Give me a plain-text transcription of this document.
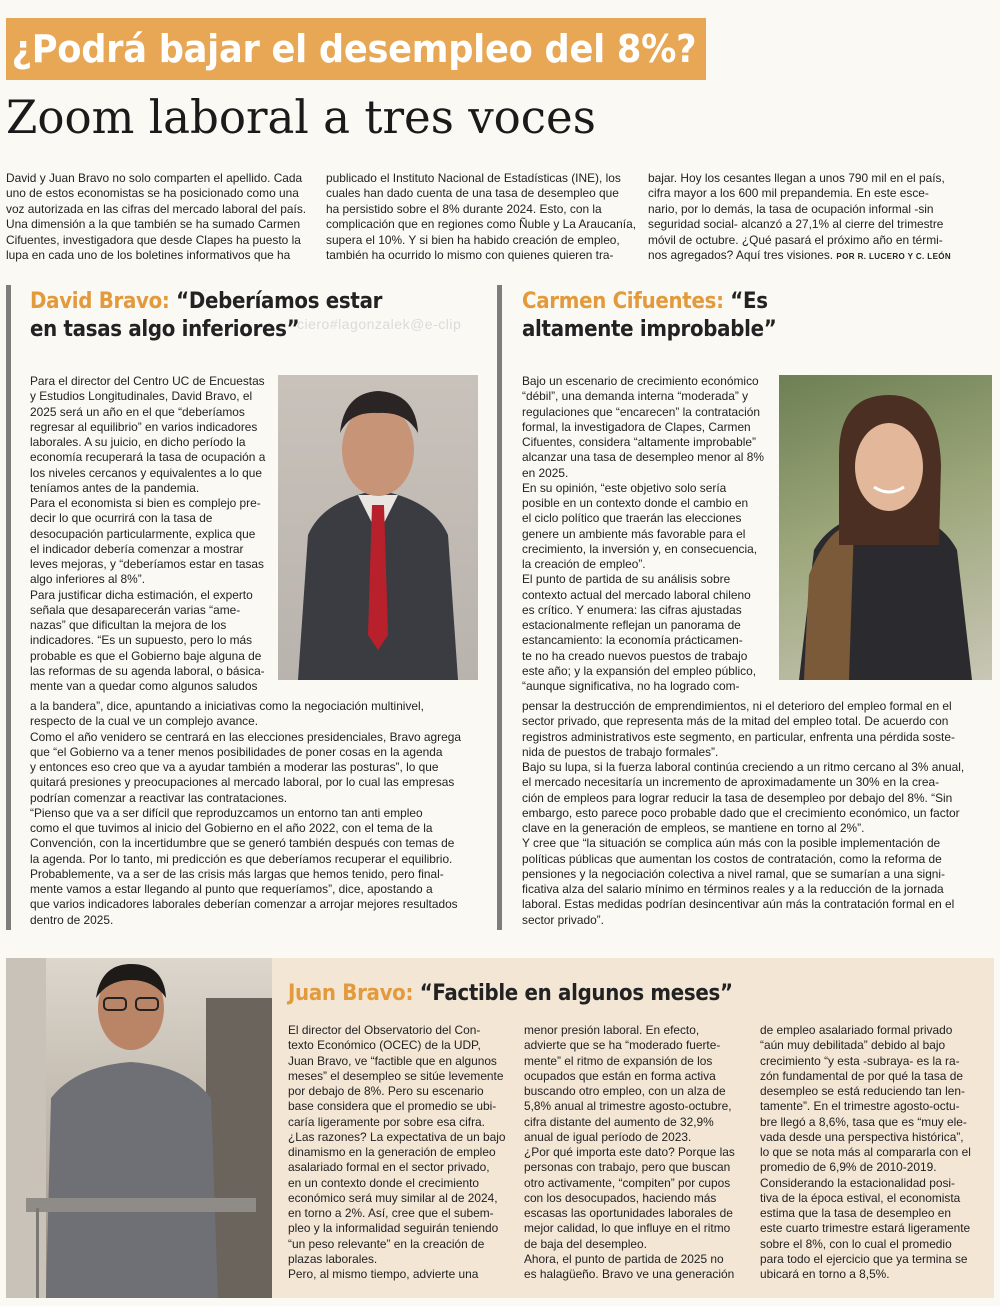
¿Podrá bajar el desempleo del 8%?
Zoom laboral a tres voces

David y Juan Bravo no solo comparten el apellido. Cada
uno de estos economistas se ha posicionado como una
voz autorizada en las cifras del mercado laboral del país.
Una dimensión a la que también se ha sumado Carmen
Cifuentes, investigadora que desde Clapes ha puesto la
lupa en cada uno de los boletines informativos que ha

publicado el Instituto Nacional de Estadísticas (INE), los
cuales han dado cuenta de una tasa de desempleo que
ha persistido sobre el 8% durante 2024. Esto, con la
complicación que en regiones como Ñuble y La Araucanía,
supera el 10%. Y si bien ha habido creación de empleo,
también ha ocurrido lo mismo con quienes quieren tra-

bajar. Hoy los cesantes llegan a unos 790 mil en el país,
cifra mayor a los 600 mil prepandemia. En este esce-
nario, por lo demás, la tasa de ocupación informal -sin
seguridad social- alcanzó a 27,1% al cierre del trimestre
móvil de octubre. ¿Qué pasará el próximo año en térmi-
nos agregados? Aquí tres visiones. POR R. LUCERO Y C. LEÓN

ciero#lagonzalek@e-clip
David Bravo: “Deberíamos estar
en tasas algo inferiores”
Para el director del Centro UC de Encuestas
y Estudios Longitudinales, David Bravo, el
2025 será un año en el que “deberíamos
regresar al equilibrio” en varios indicadores
laborales. A su juicio, en dicho período la
economía recuperará la tasa de ocupación a
los niveles cercanos y equivalentes a lo que
teníamos antes de la pandemia.
Para el economista si bien es complejo pre-
decir lo que ocurrirá con la tasa de
desocupación particularmente, explica que
el indicador debería comenzar a mostrar
leves mejoras, y “deberíamos estar en tasas
algo inferiores al 8%”.
Para justificar dicha estimación, el experto
señala que desaparecerán varias “ame-
nazas” que dificultan la mejora de los
indicadores. “Es un supuesto, pero lo más
probable es que el Gobierno baje alguna de
las reformas de su agenda laboral, o básica-
mente van a quedar como algunos saludos
a la bandera”, dice, apuntando a iniciativas como la negociación multinivel,
respecto de la cual ve un complejo avance.
Como el año venidero se centrará en las elecciones presidenciales, Bravo agrega
que “el Gobierno va a tener menos posibilidades de poner cosas en la agenda
y entonces eso creo que va a ayudar también a moderar las posturas”, lo que
quitará presiones y preocupaciones al mercado laboral, por lo cual las empresas
podrían comenzar a reactivar las contrataciones.
“Pienso que va a ser difícil que reproduzcamos un entorno tan anti empleo
como el que tuvimos al inicio del Gobierno en el año 2022, con el tema de la
Convención, con la incertidumbre que se generó también después con temas de
la agenda. Por lo tanto, mi predicción es que deberíamos recuperar el equilibrio.
Probablemente, va a ser de las crisis más largas que hemos tenido, pero final-
mente vamos a estar llegando al punto que requeríamos”, dice, apostando a
que varios indicadores laborales deberían comenzar a arrojar mejores resultados
dentro de 2025.
Carmen Cifuentes: “Es
altamente improbable”
Bajo un escenario de crecimiento económico
“débil”, una demanda interna “moderada” y
regulaciones que “encarecen” la contratación
formal, la investigadora de Clapes, Carmen
Cifuentes, considera “altamente improbable”
alcanzar una tasa de desempleo menor al 8%
en 2025.
En su opinión, “este objetivo solo sería
posible en un contexto donde el cambio en
el ciclo político que traerán las elecciones
genere un ambiente más favorable para el
crecimiento, la inversión y, en consecuencia,
la creación de empleo”.
El punto de partida de su análisis sobre
contexto actual del mercado laboral chileno
es crítico. Y enumera: las cifras ajustadas
estacionalmente reflejan un panorama de
estancamiento: la economía prácticamen-
te no ha creado nuevos puestos de trabajo
este año; y la expansión del empleo público,
“aunque significativa, no ha logrado com-
pensar la destrucción de emprendimientos, ni el deterioro del empleo formal en el
sector privado, que representa más de la mitad del empleo total. De acuerdo con
registros administrativos este segmento, en particular, enfrenta una pérdida soste-
nida de puestos de trabajo formales”.
Bajo su lupa, si la fuerza laboral continúa creciendo a un ritmo cercano al 3% anual,
el mercado necesitaría un incremento de aproximadamente un 30% en la crea-
ción de empleos para lograr reducir la tasa de desempleo por debajo del 8%. “Sin
embargo, esto parece poco probable dado que el crecimiento económico, un factor
clave en la generación de empleos, se mantiene en torno al 2%”.
Y cree que “la situación se complica aún más con la posible implementación de
políticas públicas que aumentan los costos de contratación, como la reforma de
pensiones y la negociación colectiva a nivel ramal, que se sumarían a una signi-
ficativa alza del salario mínimo en términos reales y a la reducción de la jornada
laboral. Estas medidas podrían desincentivar aún más la contratación formal en el
sector privado”.
Juan Bravo: “Factible en algunos meses”
El director del Observatorio del Con-
texto Económico (OCEC) de la UDP,
Juan Bravo, ve “factible que en algunos
meses” el desempleo se sitúe levemente
por debajo de 8%. Pero su escenario
base considera que el promedio se ubi-
caría ligeramente por sobre esa cifra.
¿Las razones? La expectativa de un bajo
dinamismo en la generación de empleo
asalariado formal en el sector privado,
en un contexto donde el crecimiento
económico será muy similar al de 2024,
en torno a 2%. Así, cree que el subem-
pleo y la informalidad seguirán teniendo
“un peso relevante” en la creación de
plazas laborales.
Pero, al mismo tiempo, advierte una
menor presión laboral. En efecto,
advierte que se ha “moderado fuerte-
mente” el ritmo de expansión de los
ocupados que están en forma activa
buscando otro empleo, con un alza de
5,8% anual al trimestre agosto-octubre,
cifra distante del aumento de 32,9%
anual de igual período de 2023.
¿Por qué importa este dato? Porque las
personas con trabajo, pero que buscan
otro activamente, “compiten” por cupos
con los desocupados, haciendo más
escasas las oportunidades laborales de
mejor calidad, lo que influye en el ritmo
de baja del desempleo.
Ahora, el punto de partida de 2025 no
es halagüeño. Bravo ve una generación
de empleo asalariado formal privado
“aún muy debilitada” debido al bajo
crecimiento “y esta -subraya- es la ra-
zón fundamental de por qué la tasa de
desempleo se está reduciendo tan len-
tamente”. En el trimestre agosto-octu-
bre llegó a 8,6%, tasa que es “muy ele-
vada desde una perspectiva histórica”,
lo que se nota más al compararla con el
promedio de 6,9% de 2010-2019.
Considerando la estacionalidad posi-
tiva de la época estival, el economista
estima que la tasa de desempleo en
este cuarto trimestre estará ligeramente
sobre el 8%, con lo cual el promedio
para todo el ejercicio que ya termina se
ubicará en torno a 8,5%.
